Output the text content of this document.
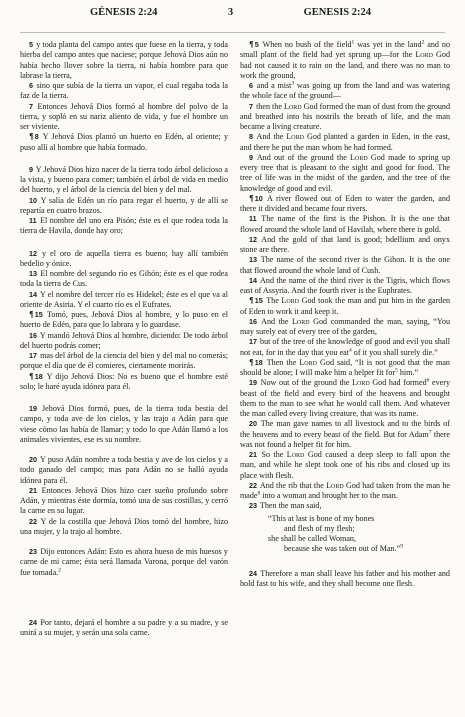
GÉNESIS 2:24	3	GENESIS 2:24

5 y toda planta del campo antes que fuese en la tierra, y toda hierba del campo antes que naciese; porque Jehová Dios aún no había hecho llover sobre la tierra, ni había hombre para que labrase la tierra,

6 sino que subía de la tierra un vapor, el cual regaba toda la faz de la tierra.

7 Entonces Jehová Dios formó al hombre del polvo de la tierra, y sopló en su nariz aliento de vida, y fue el hombre un ser viviente.

¶8 Y Jehová Dios plantó un huerto en Edén, al oriente; y puso allí al hombre que había formado.

9 Y Jehová Dios hizo nacer de la tierra todo árbol delicioso a la vista, y bueno para comer; también el árbol de vida en medio del huerto, y el árbol de la ciencia del bien y del mal.

10 Y salía de Edén un río para regar el huerto, y de allí se repartía en cuatro brazos.

11 El nombre del uno era Pisón; éste es el que rodea toda la tierra de Havila, donde hay oro;

12 y el oro de aquella tierra es bueno; hay allí también bedelio y ónice.

13 El nombre del segundo río es Gihón; éste es el que rodea toda la tierra de Cus.

14 Y el nombre del tercer río es Hidekel; éste es el que va al oriente de Asiria. Y el cuarto río es el Eufrates.

¶15 Tomó, pues, Jehová Dios al hombre, y lo puso en el huerto de Edén, para que lo labrara y lo guardase.

16 Y mandó Jehová Dios al hombre, diciendo: De todo árbol del huerto podrás comer;

17 mas del árbol de la ciencia del bien y del mal no comerás; porque el día que de él comieres, ciertamente morirás.

¶18 Y dijo Jehová Dios: No es bueno que el hombre esté solo; le haré ayuda idónea para él.

19 Jehová Dios formó, pues, de la tierra toda bestia del campo, y toda ave de los cielos, y las trajo a Adán para que viese cómo las había de llamar; y todo lo que Adán llamó a los animales vivientes, ese es su nombre.

20 Y puso Adán nombre a toda bestia y ave de los cielos y a todo ganado del campo; mas para Adán no se halló ayuda idónea para él.

21 Entonces Jehová Dios hizo caer sueño profundo sobre Adán, y mientras éste dormía, tomó una de sus costillas, y cerró la carne en su lugar.

22 Y de la costilla que Jehová Dios tomó del hombre, hizo una mujer, y la trajo al hombre.

23 Dijo entonces Adán: Esto es ahora hueso de mis huesos y carne de mi carne; ésta será llamada Varona, porque del varón fue tomada.$^2$

24 Por tanto, dejará el hombre a su padre y a su madre, y se unirá a su mujer, y serán una sola carne.

¶5 When no bush of the field$^1$ was yet in the land$^2$ and no small plant of the field had yet sprung up—for the Lord God had not caused it to rain on the land, and there was no man to work the ground,

6 and a mist$^3$ was going up from the land and was watering the whole face of the ground—

7 then the Lord God formed the man of dust from the ground and breathed into his nostrils the breath of life, and the man became a living creature.

8 And the Lord God planted a garden in Eden, in the east, and there he put the man whom he had formed.

9 And out of the ground the Lord God made to spring up every tree that is pleasant to the sight and good for food. The tree of life was in the midst of the garden, and the tree of the knowledge of good and evil.

¶10 A river flowed out of Eden to water the garden, and there it divided and became four rivers.

11 The name of the first is the Pishon. It is the one that flowed around the whole land of Havilah, where there is gold.

12 And the gold of that land is good; bdellium and onyx stone are there.

13 The name of the second river is the Gihon. It is the one that flowed around the whole land of Cush.

14 And the name of the third river is the Tigris, which flows east of Assyria. And the fourth river is the Euphrates.

¶15 The Lord God took the man and put him in the garden of Eden to work it and keep it.

16 And the Lord God commanded the man, saying, “You may surely eat of every tree of the garden,

17 but of the tree of the knowledge of good and evil you shall not eat, for in the day that you eat$^4$ of it you shall surely die.”

¶18 Then the Lord God said, “It is not good that the man should be alone; I will make him a helper fit for$^5$ him.”

19 Now out of the ground the Lord God had formed$^6$ every beast of the field and every bird of the heavens and brought them to the man to see what he would call them. And whatever the man called every living creature, that was its name.

20 The man gave names to all livestock and to the birds of the heavens and to every beast of the field. But for Adam$^7$ there was not found a helper fit for him.

21 So the Lord God caused a deep sleep to fall upon the man, and while he slept took one of his ribs and closed up its place with flesh.

22 And the rib that the Lord God had taken from the man he made$^8$ into a woman and brought her to the man.

23 Then the man said,

“This at last is bone of my bones
and flesh of my flesh;
she shall be called Woman,
because she was taken out of Man.”$^9$

24 Therefore a man shall leave his father and his mother and hold fast to his wife, and they shall become one flesh.
